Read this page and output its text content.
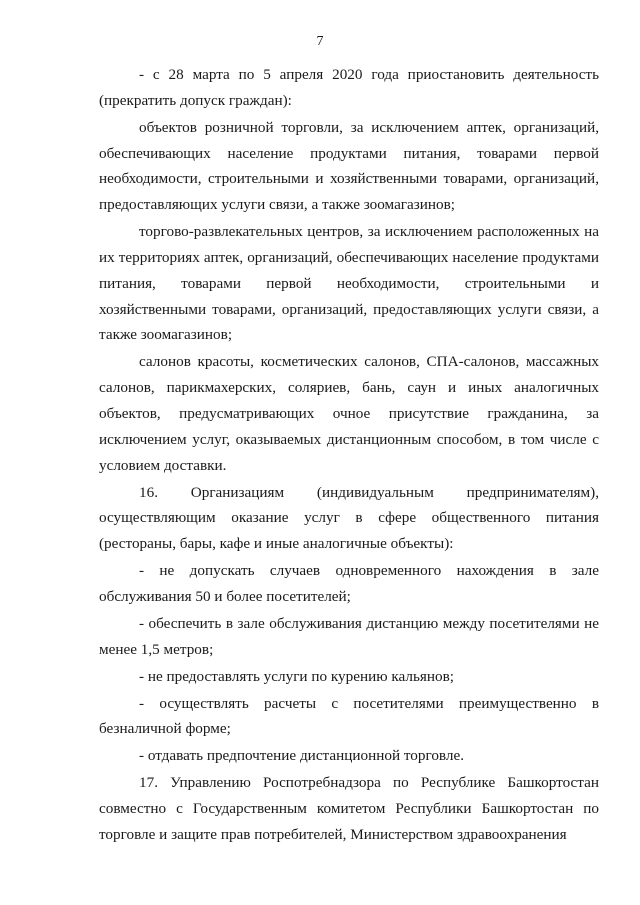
7

- с 28 марта по 5 апреля 2020 года приостановить деятельность (прекратить допуск граждан):

объектов розничной торговли, за исключением аптек, организаций, обеспечивающих население продуктами питания, товарами первой необходимости, строительными и хозяйственными товарами, организаций, предоставляющих услуги связи, а также зоомагазинов;

торгово-развлекательных центров, за исключением расположенных на их территориях аптек, организаций, обеспечивающих население продуктами питания, товарами первой необходимости, строительными и хозяйственными товарами, организаций, предоставляющих услуги связи, а также зоомагазинов;

салонов красоты, косметических салонов, СПА-салонов, массажных салонов, парикмахерских, соляриев, бань, саун и иных аналогичных объектов, предусматривающих очное присутствие гражданина, за исключением услуг, оказываемых дистанционным способом, в том числе с условием доставки.

16. Организациям (индивидуальным предпринимателям), осуществляющим оказание услуг в сфере общественного питания (рестораны, бары, кафе и иные аналогичные объекты):

- не допускать случаев одновременного нахождения в зале обслуживания 50 и более посетителей;

- обеспечить в зале обслуживания дистанцию между посетителями не менее 1,5 метров;

- не предоставлять услуги по курению кальянов;

- осуществлять расчеты с посетителями преимущественно в безналичной форме;

- отдавать предпочтение дистанционной торговле.

17. Управлению Роспотребнадзора по Республике Башкортостан совместно с Государственным комитетом Республики Башкортостан по торговле и защите прав потребителей, Министерством здравоохранения
